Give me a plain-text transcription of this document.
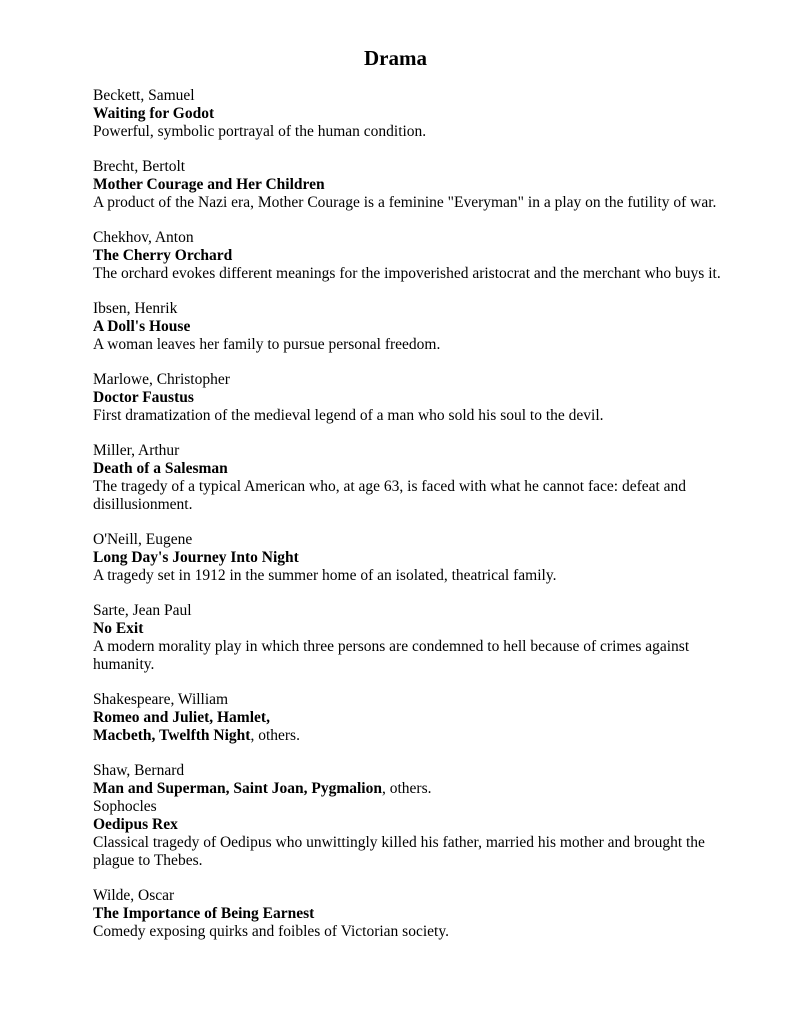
Drama
Beckett, Samuel
Waiting for Godot
Powerful, symbolic portrayal of the human condition.
Brecht, Bertolt
Mother Courage and Her Children
A product of the Nazi era, Mother Courage is a feminine "Everyman" in a play on the futility of war.
Chekhov, Anton
The Cherry Orchard
The orchard evokes different meanings for the impoverished aristocrat and the merchant who buys it.
Ibsen, Henrik
A Doll's House
A woman leaves her family to pursue personal freedom.
Marlowe, Christopher
Doctor Faustus
First dramatization of the medieval legend of a man who sold his soul to the devil.
Miller, Arthur
Death of a Salesman
The tragedy of a typical American who, at age 63, is faced with what he cannot face: defeat and disillusionment.
O'Neill, Eugene
Long Day's Journey Into Night
A tragedy set in 1912 in the summer home of an isolated, theatrical family.
Sarte, Jean Paul
No Exit
A modern morality play in which three persons are condemned to hell because of crimes against humanity.
Shakespeare, William
Romeo and Juliet, Hamlet,
Macbeth, Twelfth Night, others.
Shaw, Bernard
Man and Superman, Saint Joan, Pygmalion, others.
Sophocles
Oedipus Rex
Classical tragedy of Oedipus who unwittingly killed his father, married his mother and brought the plague to Thebes.
Wilde, Oscar
The Importance of Being Earnest
Comedy exposing quirks and foibles of Victorian society.
